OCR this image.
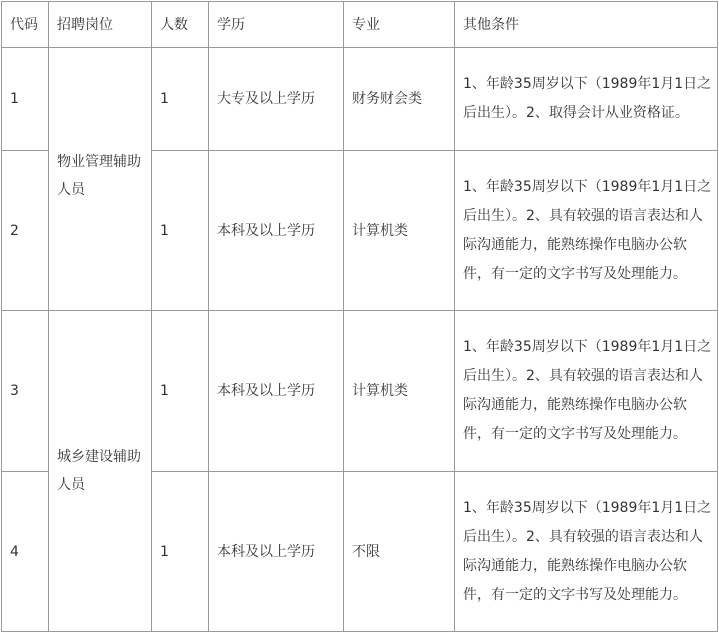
代码	招聘岗位	人数	学历	专业	其他条件
1	物业管理辅助人员	1	大专及以上学历	财务财会类	1、年龄35周岁以下（1989年1月1日之后出生）。2、取得会计从业资格证。
2		1	本科及以上学历	计算机类	1、年龄35周岁以下（1989年1月1日之后出生）。2、具有较强的语言表达和人际沟通能力，能熟练操作电脑办公软件，有一定的文字书写及处理能力。
3	城乡建设辅助人员	1	本科及以上学历	计算机类	1、年龄35周岁以下（1989年1月1日之后出生）。2、具有较强的语言表达和人际沟通能力，能熟练操作电脑办公软件，有一定的文字书写及处理能力。
4		1	本科及以上学历	不限	1、年龄35周岁以下（1989年1月1日之后出生）。2、具有较强的语言表达和人际沟通能力，能熟练操作电脑办公软件，有一定的文字书写及处理能力。
